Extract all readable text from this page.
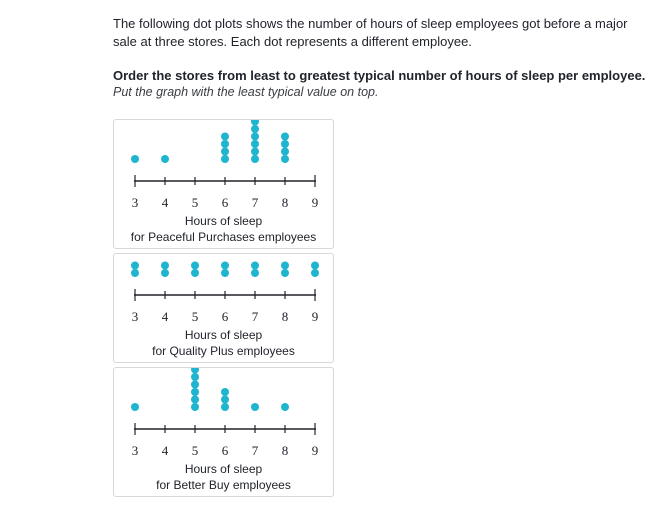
The following dot plots shows the number of hours of sleep employees got before a major sale at three stores. Each dot represents a different employee.
Order the stores from least to greatest typical number of hours of sleep per employee.
Put the graph with the least typical value on top.
3	4	5	6	7	8	9
Hours of sleep
for Peaceful Purchases employees
3	4	5	6	7	8	9
Hours of sleep
for Quality Plus employees
3	4	5	6	7	8	9
Hours of sleep
for Better Buy employees
